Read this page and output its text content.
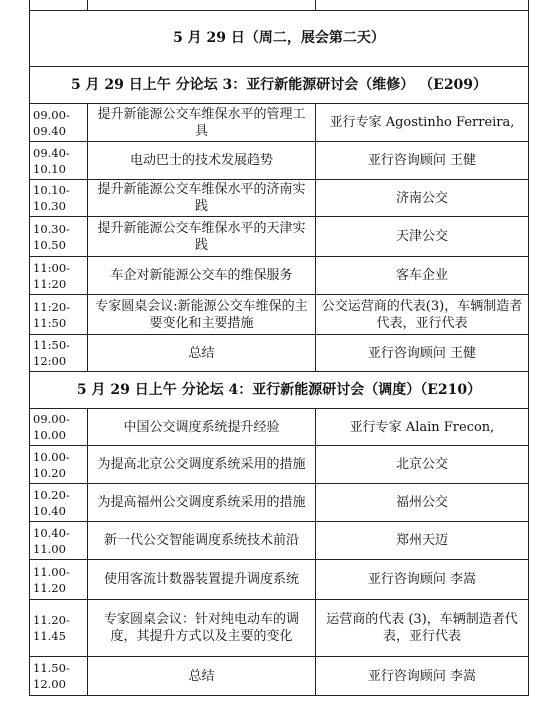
5 月 29 日（周二，展会第二天）		
5 月 29 日上午 分论坛 3：亚行新能源研讨会（维修） （E209）		
09.00-
09.40	提升新能源公交车维保水平的管理工具	亚行专家 Agostinho Ferreira,
09.40-
10.10	电动巴士的技术发展趋势	亚行咨询顾问 王健
10.10-
10.30	提升新能源公交车维保水平的济南实践	济南公交
10.30-
10.50	提升新能源公交车维保水平的天津实践	天津公交
11:00-
11:20	车企对新能源公交车的维保服务	客车企业
11:20-
11:50	专家圆桌会议:新能源公交车维保的主要变化和主要措施	公交运营商的代表(3)，车辆制造者代表，亚行代表
11:50-
12:00	总结	亚行咨询顾问 王健
5 月 29 日上午 分论坛 4：亚行新能源研讨会（调度）（E210）		
09.00-
10.00	中国公交调度系统提升经验	亚行专家 Alain Frecon,
10.00-
10.20	为提高北京公交调度系统采用的措施	北京公交
10.20-
10.40	为提高福州公交调度系统采用的措施	福州公交
10.40-
11.00	新一代公交智能调度系统技术前沿	郑州天迈
11.00-
11.20	使用客流计数器装置提升调度系统	亚行咨询顾问 李嵩
11.20-
11.45	专家圆桌会议：针对纯电动车的调度，其提升方式以及主要的变化	运营商的代表 (3)，车辆制造者代表，亚行代表
11.50-
12.00	总结	亚行咨询顾问 李嵩
